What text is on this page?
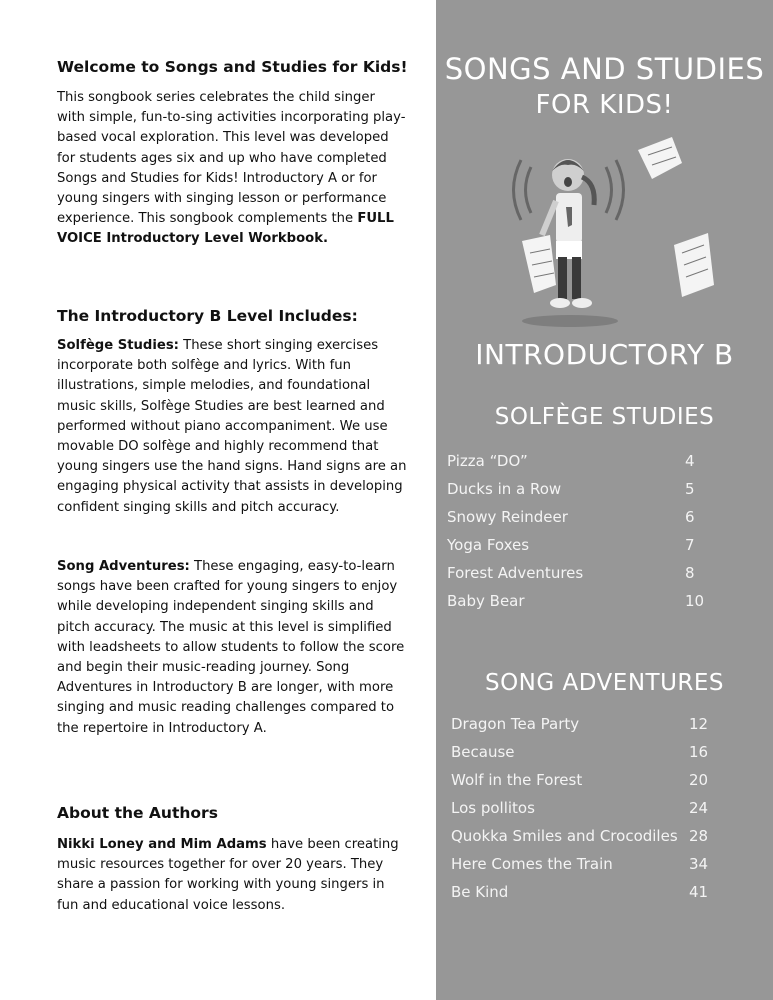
Welcome to Songs and Studies for Kids!

This songbook series celebrates the child singer with simple, fun-to-sing activities incorporating play-based vocal exploration. This level was developed for students ages six and up who have completed Songs and Studies for Kids! Introductory A or for young singers with singing lesson or performance experience. This songbook complements the FULL VOICE Introductory Level Workbook.

The Introductory B Level Includes:

Solfège Studies: These short singing exercises incorporate both solfège and lyrics. With fun illustrations, simple melodies, and foundational music skills, Solfège Studies are best learned and performed without piano accompaniment. We use movable DO solfège and highly recommend that young singers use the hand signs. Hand signs are an engaging physical activity that assists in developing confident singing skills and pitch accuracy.

Song Adventures: These engaging, easy-to-learn songs have been crafted for young singers to enjoy while developing independent singing skills and pitch accuracy. The music at this level is simplified with leadsheets to allow students to follow the score and begin their music-reading journey. Song Adventures in Introductory B are longer, with more singing and music reading challenges compared to the repertoire in Introductory A.

About the Authors

Nikki Loney and Mim Adams have been creating music resources together for over 20 years. They share a passion for working with young singers in fun and educational voice lessons.

SONGS AND STUDIES
FOR KIDS!
INTRODUCTORY B
SOLFÈGE STUDIES
Pizza “DO”	4
Ducks in a Row	5
Snowy Reindeer	6
Yoga Foxes	7
Forest Adventures	8
Baby Bear	10
SONG ADVENTURES
Dragon Tea Party	12
Because	16
Wolf in the Forest	20
Los pollitos	24
Quokka Smiles and Crocodiles 28
Here Comes the Train	34
Be Kind	41
